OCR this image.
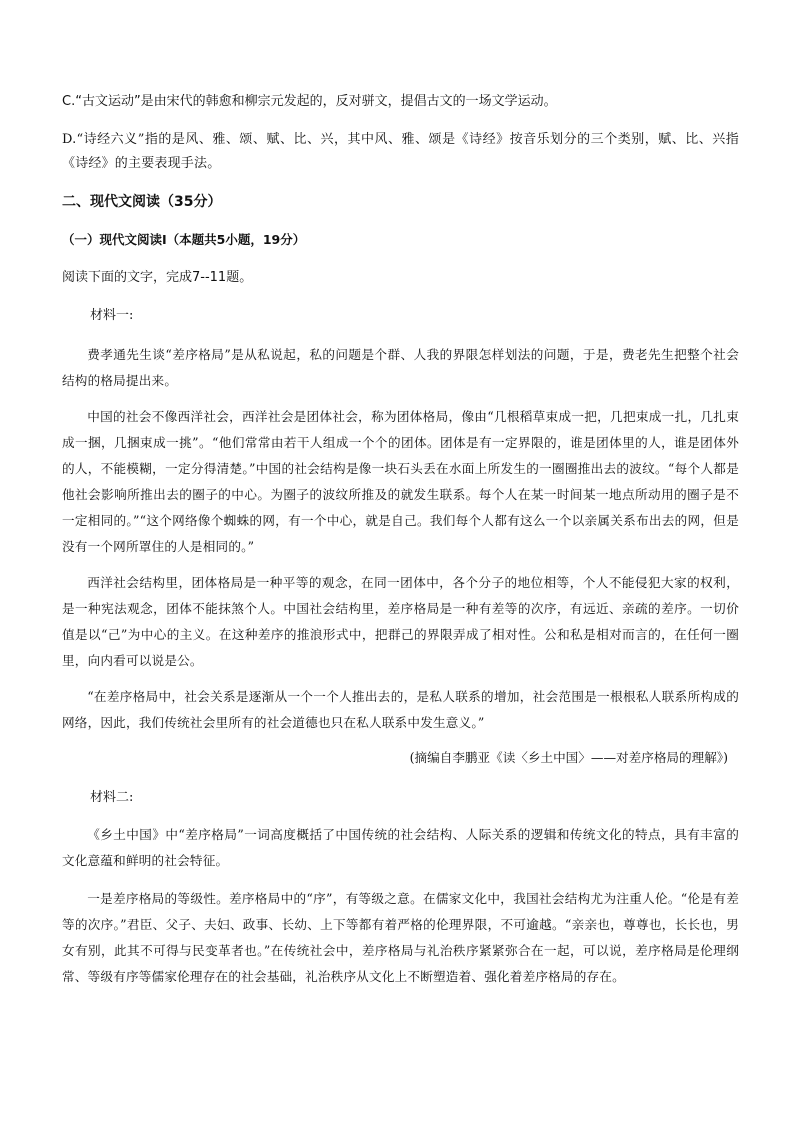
C.“古文运动”是由宋代的韩愈和柳宗元发起的，反对骈文，提倡古文的一场文学运动。
D.“诗经六义”指的是风、雅、颂、赋、比、兴，其中风、雅、颂是《诗经》按音乐划分的三个类别，赋、比、兴指《诗经》的主要表现手法。
二、现代文阅读（35分）
（一）现代文阅读I（本题共5小题，19分）
阅读下面的文字，完成7--11题。
材料一:
费孝通先生谈“差序格局”是从私说起，私的问题是个群、人我的界限怎样划法的问题，于是，费老先生把整个社会结构的格局提出来。
中国的社会不像西洋社会，西洋社会是团体社会，称为团体格局，像由“几根稻草束成一把，几把束成一扎，几扎束成一捆，几捆束成一挑”。“他们常常由若干人组成一个个的团体。团体是有一定界限的，谁是团体里的人，谁是团体外的人，不能模糊，一定分得清楚。”中国的社会结构是像一块石头丢在水面上所发生的一圈圈推出去的波纹。“每个人都是他社会影响所推出去的圈子的中心。为圈子的波纹所推及的就发生联系。每个人在某一时间某一地点所动用的圈子是不一定相同的。”“这个网络像个蜘蛛的网，有一个中心，就是自己。我们每个人都有这么一个以亲属关系布出去的网，但是没有一个网所罩住的人是相同的。”
西洋社会结构里，团体格局是一种平等的观念，在同一团体中，各个分子的地位相等，个人不能侵犯大家的权利，是一种宪法观念，团体不能抹煞个人。中国社会结构里，差序格局是一种有差等的次序，有远近、亲疏的差序。一切价值是以“己”为中心的主义。在这种差序的推浪形式中，把群己的界限弄成了相对性。公和私是相对而言的，在任何一圈里，向内看可以说是公。
“在差序格局中，社会关系是逐渐从一个一个人推出去的，是私人联系的增加，社会范围是一根根私人联系所构成的网络，因此，我们传统社会里所有的社会道德也只在私人联系中发生意义。”
(摘编自李鹏亚《读〈乡土中国〉——对差序格局的理解》)
材料二:
《乡土中国》中“差序格局”一词高度概括了中国传统的社会结构、人际关系的逻辑和传统文化的特点，具有丰富的文化意蕴和鲜明的社会特征。
一是差序格局的等级性。差序格局中的“序”，有等级之意。在儒家文化中，我国社会结构尤为注重人伦。“伦是有差等的次序。”君臣、父子、夫妇、政事、长幼、上下等都有着严格的伦理界限，不可逾越。“亲亲也，尊尊也，长长也，男女有别，此其不可得与民变革者也。”在传统社会中，差序格局与礼治秩序紧紧弥合在一起，可以说，差序格局是伦理纲常、等级有序等儒家伦理存在的社会基础，礼治秩序从文化上不断塑造着、强化着差序格局的存在。
